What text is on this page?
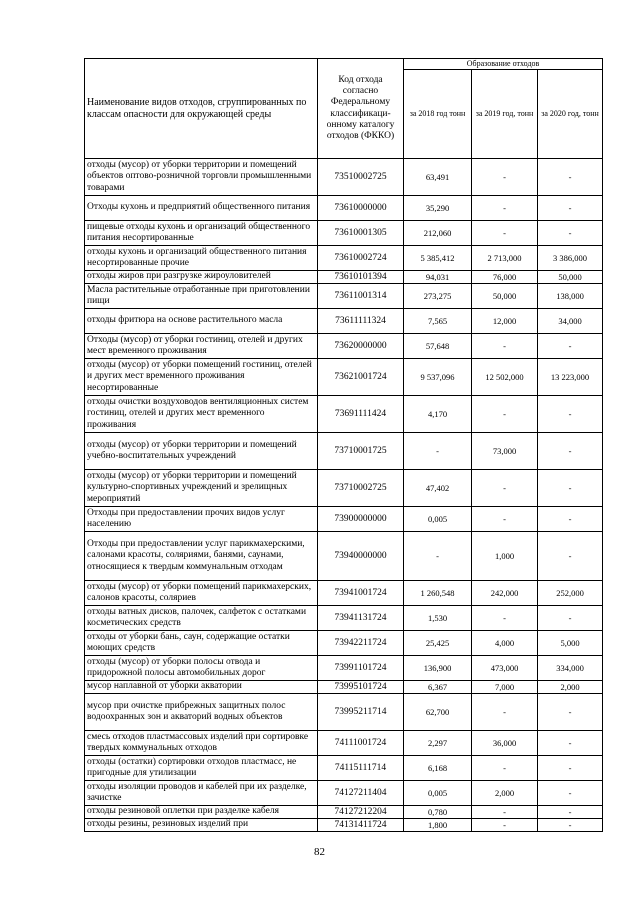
Наименование видов отходов, сгруппированных по классам опасности для окружающей среды	Код отхода согласно Федеральному классификаци-онному каталогу отходов (ФККО)	Образование отходов		
		за 2018 год тонн	за 2019 год, тонн	за 2020 год, тонн
отходы (мусор) от уборки территории и помещений объектов оптово-розничной торговли промышленными товарами	73510002725	63,491	-	-
Отходы кухонь и предприятий общественного питания	73610000000	35,290	-	-
пищевые отходы кухонь и организаций общественного питания несортированные	73610001305	212,060	-	-
отходы кухонь и организаций общественного питания несортированные прочие	73610002724	5 385,412	2 713,000	3 386,000
отходы жиров при разгрузке жироуловителей	73610101394	94,031	76,000	50,000
Масла растительные отработанные при приготовлении пищи	73611001314	273,275	50,000	138,000
отходы фритюра на основе растительного масла	73611111324	7,565	12,000	34,000
Отходы (мусор) от уборки гостиниц, отелей и других мест временного проживания	73620000000	57,648	-	-
отходы (мусор) от уборки помещений гостиниц, отелей и других мест временного проживания несортированные	73621001724	9 537,096	12 502,000	13 223,000
отходы очистки воздуховодов вентиляционных систем гостиниц, отелей и других мест временного проживания	73691111424	4,170	-	-
отходы (мусор) от уборки территории и помещений учебно-воспитательных учреждений	73710001725	-	73,000	-
отходы (мусор) от уборки территории и помещений культурно-спортивных учреждений и зрелищных мероприятий	73710002725	47,402	-	-
Отходы при предоставлении прочих видов услуг населению	73900000000	0,005	-	-
Отходы при предоставлении услуг парикмахерскими, салонами красоты, соляриями, банями, саунами, относящиеся к твердым коммунальным отходам	73940000000	-	1,000	-
отходы (мусор) от уборки помещений парикмахерских, салонов красоты, соляриев	73941001724	1 260,548	242,000	252,000
отходы ватных дисков, палочек, салфеток с остатками косметических средств	73941131724	1,530	-	-
отходы от уборки бань, саун, содержащие остатки моющих средств	73942211724	25,425	4,000	5,000
отходы (мусор) от уборки полосы отвода и придорожной полосы автомобильных дорог	73991101724	136,900	473,000	334,000
мусор наплавной от уборки акватории	73995101724	6,367	7,000	2,000
мусор при очистке прибрежных защитных полос водоохранных зон и акваторий водных объектов	73995211714	62,700	-	-
смесь отходов пластмассовых изделий при сортировке твердых коммунальных отходов	74111001724	2,297	36,000	-
отходы (остатки) сортировки отходов пластмасс, не пригодные для утилизации	74115111714	6,168	-	-
отходы изоляции проводов и кабелей при их разделке, зачистке	74127211404	0,005	2,000	-
отходы резиновой оплетки при разделке кабеля	74127212204	0,780	-	-
отходы резины, резиновых изделий при	74131411724	1,800	-	-
82
